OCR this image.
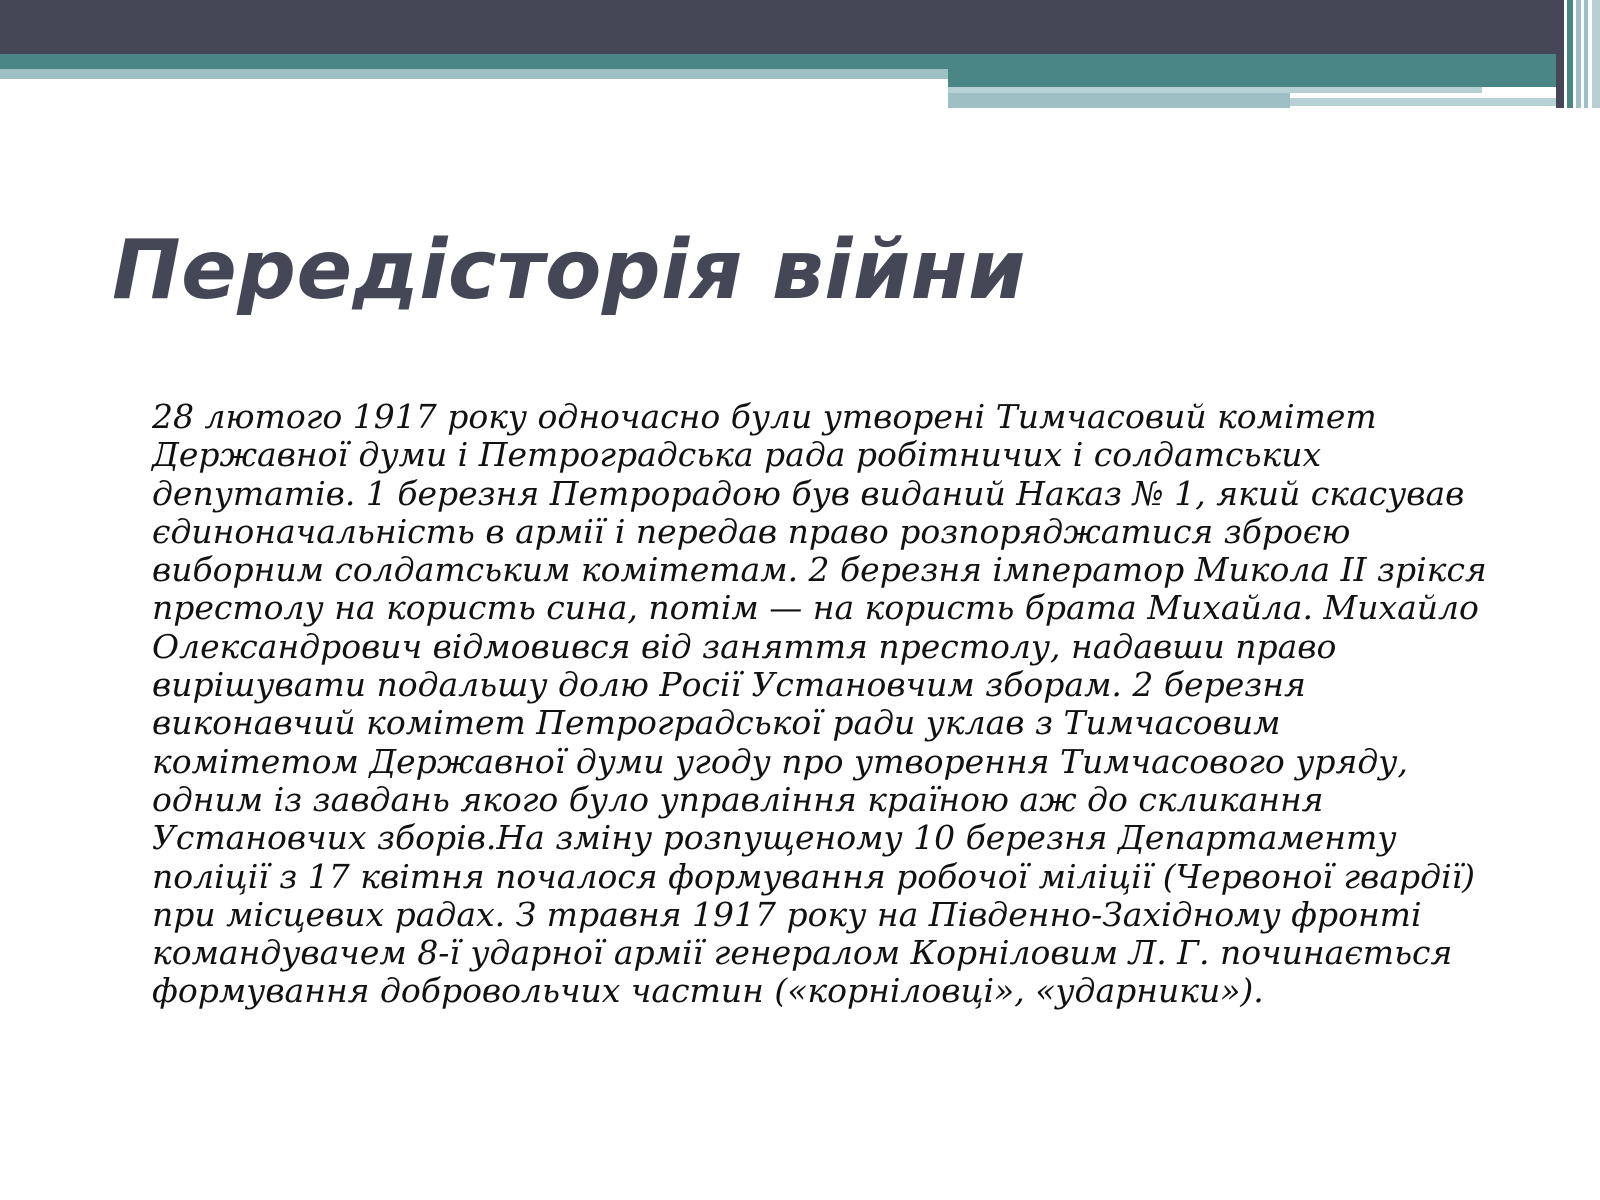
Передісторія війни

28 лютого 1917 року одночасно були утворені Тимчасовий комітет Державної думи і Петроградська рада робітничих і солдатських депутатів. 1 березня Петрорадою був виданий Наказ № 1, який скасував єдиноначальність в армії і передав право розпоряджатися зброєю виборним солдатським комітетам. 2 березня імператор Микола II зрікся престолу на користь сина, потім — на користь брата Михайла. Михайло Олександрович відмовився від заняття престолу, надавши право вирішувати подальшу долю Росії Установчим зборам. 2 березня виконавчий комітет Петроградської ради уклав з Тимчасовим комітетом Державної думи угоду про утворення Тимчасового уряду, одним із завдань якого було управління країною аж до скликання Установчих зборів.На зміну розпущеному 10 березня Департаменту поліції з 17 квітня почалося формування робочої міліції (Червоної гвардії) при місцевих радах. З травня 1917 року на Південно-Західному фронті командувачем 8-ї ударної армії генералом Корніловим Л. Г. починається формування добровольчих частин («корніловці», «ударники»).
